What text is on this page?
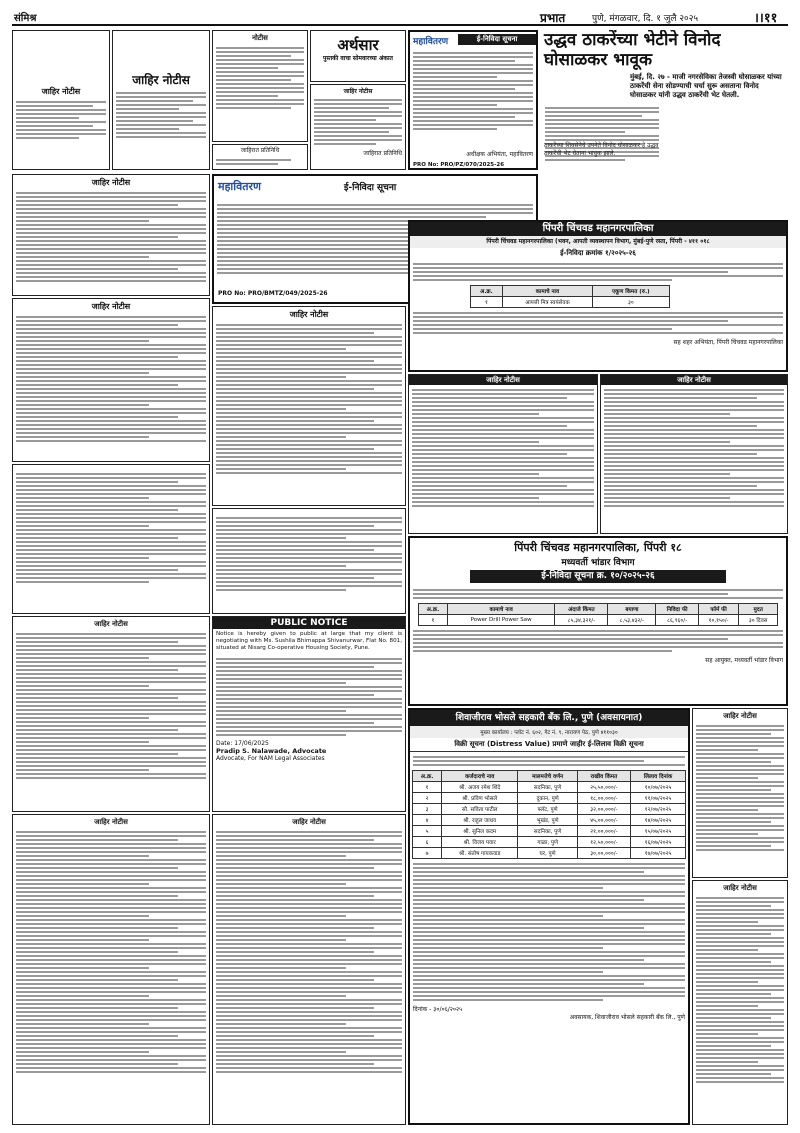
संमिश्र	प्रभात	पुणे, मंगळवार, दि. १ जुलै २०२५	।।११
जाहिर नोटीस
जाहिर नोटीस
नोटीस
जाहिरात प्रतिनिधि
अर्थसार
पुस्तकी वाचा सोमवारच्या अंकात
जाहिर नोटीस
जाहिरात प्रतिनिधि
महावितरण	ई-निविदा सूचना
अधीक्षक अभियंता, महावितरण
PRO No: PRO/PZ/070/2025-26
उद्धव ठाकरेंच्या भेटीने विनोद घोसाळकर भावूक
मुंबई, दि. २७ - माजी नगरसेविका तेजस्वी घोसाळकर यांच्या ठाकरेंची सेना सोडण्याची चर्चा सुरू असताना विनोद घोसाळकर यांनी उद्धव ठाकरेंची भेट घेतली.
ठाकरेंच्या शिवसेनेचे उपनेते विनोद घोसाळकर हे उद्धव ठाकरेंची भेट घेताना भावुक झाले.
जाहिर नोटीस
जाहिर नोटीस
महावितरण	ई-निविदा सूचना
PRO No: PRO/BMTZ/049/2025-26
पिंपरी चिंचवड महानगरपालिका
पिंपरी चिंचवड महानगरपालिका (भवन, आपती व्यवस्थापन विभाग, मुंबई-पुणे रस्ता, पिंपरी - ४११ ०१८
ई-निविदा क्रमांक १/२०२५-२६
अ.क्र.	कामाचे नाव	एकूण किमत (रु.)
१	आपत्ती मित्र स्वयंसेवक	३०
सह शहर अभियंता, पिंपरी चिंचवड महानगरपालिका
जाहिर नोटीस
जाहिर नोटीस	जाहिर नोटीस
जाहिर नोटीस	PUBLIC NOTICE
Notice is hereby given to public at large that my client is negotiating with Ms. Sushila Bhimappa Shivanurwar, Flat No. 801, situated at Nisarg Co-operative Housing Society, Pune.
Date: 17/06/2025
Pradip S. Nalawade, Advocate
Advocate, For NAM Legal Associates
पिंपरी चिंचवड महानगरपालिका, पिंपरी १८
मध्यवर्ती भांडार विभाग
ई-निविदा सूचना क्र. १०/२०२५-२६
अ.क्र.	कामाचे नाव	अंदाजे किंमत	बयाणा	निविदा फी	फॉर्म फी	मुदत
१	Power Drill Power Saw	८५,३४,३२१/-	८,५३,४३२/-	८६,९६०/-	१०,१५०/-	३० दिवस
सह आयुक्त, मध्यवर्ती भांडार विभाग
जाहिर नोटीस	जाहिर नोटीस
शिवाजीराव भोसले सहकारी बँक लि., पुणे (अवसायनात)
मुख्य कार्यालय : प्लॉट नं. ६०२, गेट नं. ९, नारायण पेठ, पुणे ४११०३०
विक्री सूचना (Distress Value) प्रमाणे जाहीर ई-लिलाव विक्री सूचना
अ.क्र.	कर्जदाराचे नाव	मालमत्तेचे वर्णन	राखीव किंमत	लिलाव दिनांक
१	श्री. अजय रमेश शिंदे	सदनिका, पुणे	२५,५०,०००/-	१०/०७/२०२५
२	श्री. प्रविण भोसले	दुकान, पुणे	१८,००,०००/-	११/०७/२०२५
३	सौ. सविता पाटील	फ्लॅट, पुणे	३२,००,०००/-	१२/०७/२०२५
४	श्री. राहुल जाधव	भूखंड, पुणे	४५,००,०००/-	१४/०७/२०२५
५	श्री. सुनिल कदम	सदनिका, पुणे	२१,००,०००/-	१५/०७/२०२५
६	श्री. विजय पवार	गाळा, पुणे	१२,५०,०००/-	१६/०७/२०२५
७	श्री. संतोष गायकवाड	घर, पुणे	३०,००,०००/-	१७/०७/२०२५
दिनांक - ३०/०६/२०२५
अवसायक, शिवाजीराव भोसले सहकारी बँक लि., पुणे
जाहिर नोटीस
जाहिर नोटीस
